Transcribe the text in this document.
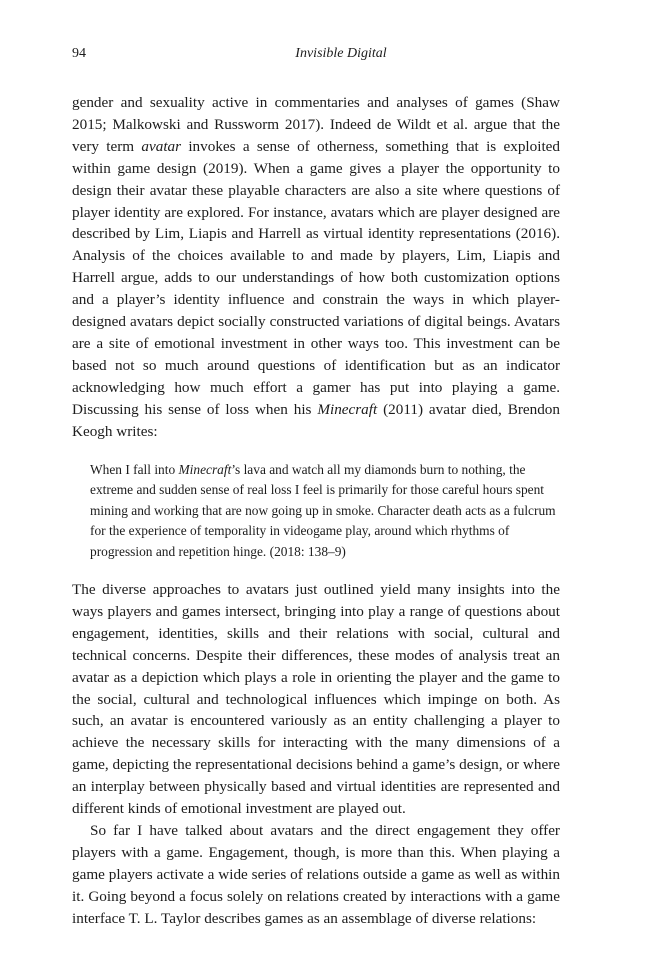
94	Invisible Digital

gender and sexuality active in commentaries and analyses of games (Shaw 2015; Malkowski and Russworm 2017). Indeed de Wildt et al. argue that the very term avatar invokes a sense of otherness, something that is exploited within game design (2019). When a game gives a player the opportunity to design their avatar these playable characters are also a site where questions of player identity are explored. For instance, avatars which are player designed are described by Lim, Liapis and Harrell as virtual identity representations (2016). Analysis of the choices available to and made by players, Lim, Liapis and Harrell argue, adds to our understandings of how both customization options and a player’s identity influence and constrain the ways in which player-designed avatars depict socially constructed variations of digital beings. Avatars are a site of emotional investment in other ways too. This investment can be based not so much around questions of identification but as an indicator acknowledging how much effort a gamer has put into playing a game. Discussing his sense of loss when his Minecraft (2011) avatar died, Brendon Keogh writes:

When I fall into Minecraft’s lava and watch all my diamonds burn to nothing, the extreme and sudden sense of real loss I feel is primarily for those careful hours spent mining and working that are now going up in smoke. Character death acts as a fulcrum for the experience of temporality in videogame play, around which rhythms of progression and repetition hinge. (2018: 138–9)

The diverse approaches to avatars just outlined yield many insights into the ways players and games intersect, bringing into play a range of questions about engagement, identities, skills and their relations with social, cultural and technical concerns. Despite their differences, these modes of analysis treat an avatar as a depiction which plays a role in orienting the player and the game to the social, cultural and technological influences which impinge on both. As such, an avatar is encountered variously as an entity challenging a player to achieve the necessary skills for interacting with the many dimensions of a game, depicting the representational decisions behind a game’s design, or where an interplay between physically based and virtual identities are represented and different kinds of emotional investment are played out.

So far I have talked about avatars and the direct engagement they offer players with a game. Engagement, though, is more than this. When playing a game players activate a wide series of relations outside a game as well as within it. Going beyond a focus solely on relations created by interactions with a game interface T. L. Taylor describes games as an assemblage of diverse relations:
